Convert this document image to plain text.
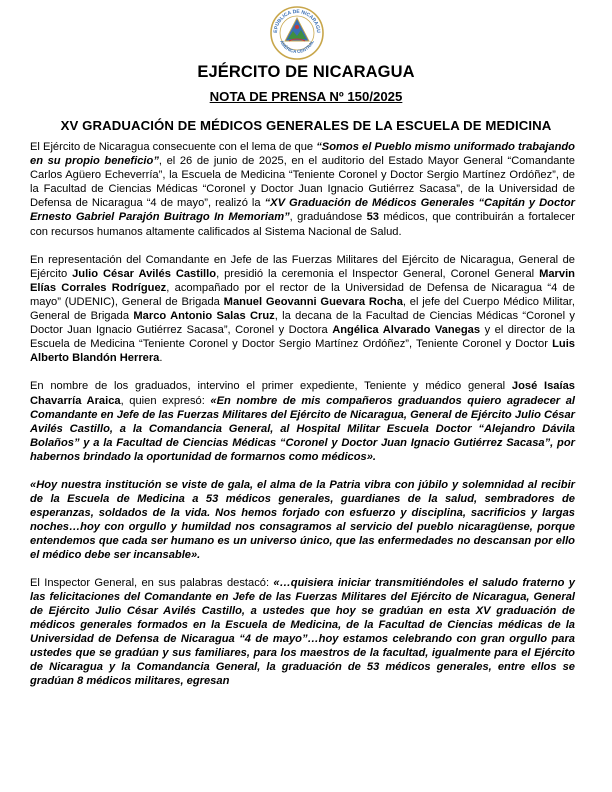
EPÚBLICA DE NICARAGU
AMÉRICA CENTRAL
EJÉRCITO DE NICARAGUA
NOTA DE PRENSA Nº 150/2025
XV GRADUACIÓN DE MÉDICOS GENERALES DE LA ESCUELA DE MEDICINA

El Ejército de Nicaragua consecuente con el lema de que “Somos el Pueblo mismo uniformado trabajando en su propio beneficio”, el 26 de junio de 2025, en el auditorio del Estado Mayor General “Comandante Carlos Agüero Echeverría”, la Escuela de Medicina “Teniente Coronel y Doctor Sergio Martínez Ordóñez”, de la Facultad de Ciencias Médicas “Coronel y Doctor Juan Ignacio Gutiérrez Sacasa”, de la Universidad de Defensa de Nicaragua “4 de mayo”, realizó la “XV Graduación de Médicos Generales “Capitán y Doctor Ernesto Gabriel Parajón Buitrago In Memoriam”, graduándose 53 médicos, que contribuirán a fortalecer con recursos humanos altamente calificados al Sistema Nacional de Salud.

En representación del Comandante en Jefe de las Fuerzas Militares del Ejército de Nicaragua, General de Ejército Julio César Avilés Castillo, presidió la ceremonia el Inspector General, Coronel General Marvin Elías Corrales Rodríguez, acompañado por el rector de la Universidad de Defensa de Nicaragua “4 de mayo” (UDENIC), General de Brigada Manuel Geovanni Guevara Rocha, el jefe del Cuerpo Médico Militar, General de Brigada Marco Antonio Salas Cruz, la decana de la Facultad de Ciencias Médicas “Coronel y Doctor Juan Ignacio Gutiérrez Sacasa”, Coronel y Doctora Angélica Alvarado Vanegas y el director de la Escuela de Medicina “Teniente Coronel y Doctor Sergio Martínez Ordóñez”, Teniente Coronel y Doctor Luis Alberto Blandón Herrera.

En nombre de los graduados, intervino el primer expediente, Teniente y médico general José Isaías Chavarría Araica, quien expresó: «En nombre de mis compañeros graduandos quiero agradecer al Comandante en Jefe de las Fuerzas Militares del Ejército de Nicaragua, General de Ejército Julio César Avilés Castillo, a la Comandancia General, al Hospital Militar Escuela Doctor “Alejandro Dávila Bolaños” y a la Facultad de Ciencias Médicas “Coronel y Doctor Juan Ignacio Gutiérrez Sacasa”, por habernos brindado la oportunidad de formarnos como médicos».

«Hoy nuestra institución se viste de gala, el alma de la Patria vibra con júbilo y solemnidad al recibir de la Escuela de Medicina a 53 médicos generales, guardianes de la salud, sembradores de esperanzas, soldados de la vida. Nos hemos forjado con esfuerzo y disciplina, sacrificios y largas noches…hoy con orgullo y humildad nos consagramos al servicio del pueblo nicaragüense, porque entendemos que cada ser humano es un universo único, que las enfermedades no descansan por ello el médico debe ser incansable».

El Inspector General, en sus palabras destacó: «…quisiera iniciar transmitiéndoles el saludo fraterno y las felicitaciones del Comandante en Jefe de las Fuerzas Militares del Ejército de Nicaragua, General de Ejército Julio César Avilés Castillo, a ustedes que hoy se gradúan en esta XV graduación de médicos generales formados en la Escuela de Medicina, de la Facultad de Ciencias médicas de la Universidad de Defensa de Nicaragua “4 de mayo”…hoy estamos celebrando con gran orgullo para ustedes que se gradúan y sus familiares, para los maestros de la facultad, igualmente para el Ejército de Nicaragua y la Comandancia General, la graduación de 53 médicos generales, entre ellos se gradúan 8 médicos militares, egresan
